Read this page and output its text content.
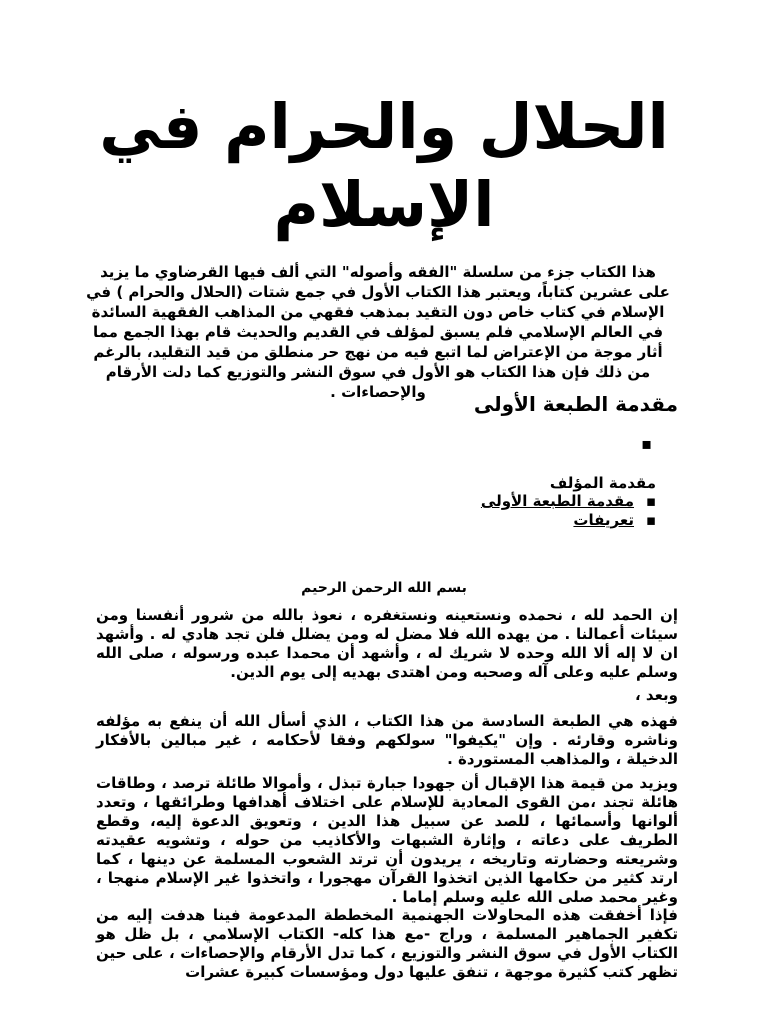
الحلال والحرام في الإسلام

هذا الكتاب جزء من سلسلة "الفقه وأصوله" التي ألف فيها القرضاوي ما يزيد على عشرين كتاباً، ويعتبر هذا الكتاب الأول في جمع شتات (الحلال والحرام ) في الإسلام في كتاب خاص دون التقيد بمذهب فقهي من المذاهب الفقهية السائدة في العالم الإسلامي فلم يسبق لمؤلف في القديم والحديث قام بهذا الجمع مما أثار موجة من الإعتراض لما اتبع فيه من نهج حر منطلق من قيد التقليد، بالرغم من ذلك فإن هذا الكتاب هو الأول في سوق النشر والتوزيع كما دلت الأرقام والإحصاءات .	مقدمة الطبعة الأولى
▪

مقدمة المؤلف

▪
مقدمة الطبعة الأولى
▪
تعريفات

بسم الله الرحمن الرحيم

إن الحمد لله ، نحمده ونستعينه ونستغفره ، نعوذ بالله من شرور أنفسنا ومن سيئات أعمالنا . من يهده الله فلا مضل له ومن يضلل فلن تجد هادي له . وأشهد ان لا إله ألا الله وحده لا شريك له ، وأشهد أن محمدا عبده ورسوله ، صلى الله وسلم عليه وعلى آله وصحبه ومن اهتدى بهديه إلى يوم الدين.

وبعد ،

فهذه هي الطبعة السادسة من هذا الكتاب ، الذي أسأل الله أن ينفع به مؤلفه وناشره وقارئه . وإن "يكيفوا" سولكهم وفقا لأحكامه ، غير مبالين بالأفكار الدخيلة ، والمذاهب المستوردة .

ويزيد من قيمة هذا الإقبال أن جهودا جبارة تبذل ، وأموالا طائلة ترصد ، وطاقات هائلة تجند ،من القوى المعادية للإسلام على اختلاف أهدافها وطرائقها ، وتعدد ألوانها وأسمائها ، للصد عن سبيل هذا الدين ، وتعويق الدعوة إليه، وقطع الطريف على دعاته ، وإثارة الشبهات والأكاذيب من حوله ، وتشويه عقيدته وشريعته وحضارته وتاريخه ، يريدون أن ترتد الشعوب المسلمة عن دينها ، كما ارتد كثير من حكامها الذين اتخذوا القرآن مهجورا ، واتخذوا غير الإسلام منهجا ، وغير محمد صلى الله عليه وسلم إماما .

فإذا أخفقت هذه المحاولات الجهنمية المخططة المدعومة فينا هدفت إليه من تكفير الجماهير المسلمة ، وراج -مع هذا كله- الكتاب الإسلامي ، بل ظل هو الكتاب الأول في سوق النشر والتوزيع ، كما تدل الأرقام والإحصاءات ، على حين تظهر كتب كثيرة موجهة ، تنفق عليها دول ومؤسسات كبيرة عشرات
